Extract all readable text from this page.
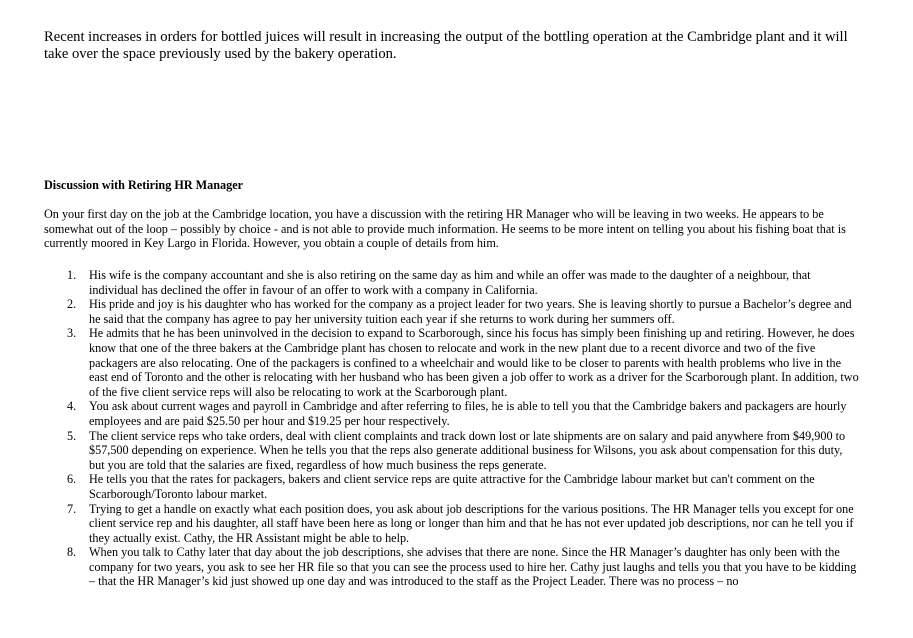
Recent increases in orders for bottled juices will result in increasing the output of the bottling operation at the Cambridge plant and it will take over the space previously used by the bakery operation.

Discussion with Retiring HR Manager

On your first day on the job at the Cambridge location, you have a discussion with the retiring HR Manager who will be leaving in two weeks. He appears to be somewhat out of the loop – possibly by choice - and is not able to provide much information. He seems to be more intent on telling you about his fishing boat that is currently moored in Key Largo in Florida. However, you obtain a couple of details from him.

1. His wife is the company accountant and she is also retiring on the same day as him and while an offer was made to the daughter of a neighbour, that individual has declined the offer in favour of an offer to work with a company in California.
2. His pride and joy is his daughter who has worked for the company as a project leader for two years. She is leaving shortly to pursue a Bachelor’s degree and he said that the company has agree to pay her university tuition each year if she returns to work during her summers off.
3. He admits that he has been uninvolved in the decision to expand to Scarborough, since his focus has simply been finishing up and retiring. However, he does know that one of the three bakers at the Cambridge plant has chosen to relocate and work in the new plant due to a recent divorce and two of the five packagers are also relocating. One of the packagers is confined to a wheelchair and would like to be closer to parents with health problems who live in the east end of Toronto and the other is relocating with her husband who has been given a job offer to work as a driver for the Scarborough plant. In addition, two of the five client service reps will also be relocating to work at the Scarborough plant.
4. You ask about current wages and payroll in Cambridge and after referring to files, he is able to tell you that the Cambridge bakers and packagers are hourly employees and are paid $25.50 per hour and $19.25 per hour respectively.
5. The client service reps who take orders, deal with client complaints and track down lost or late shipments are on salary and paid anywhere from $49,900 to $57,500 depending on experience. When he tells you that the reps also generate additional business for Wilsons, you ask about compensation for this duty, but you are told that the salaries are fixed, regardless of how much business the reps generate.
6. He tells you that the rates for packagers, bakers and client service reps are quite attractive for the Cambridge labour market but can't comment on the Scarborough/Toronto labour market.
7. Trying to get a handle on exactly what each position does, you ask about job descriptions for the various positions. The HR Manager tells you except for one client service rep and his daughter, all staff have been here as long or longer than him and that he has not ever updated job descriptions, nor can he tell you if they actually exist. Cathy, the HR Assistant might be able to help.
8. When you talk to Cathy later that day about the job descriptions, she advises that there are none. Since the HR Manager’s daughter has only been with the company for two years, you ask to see her HR file so that you can see the process used to hire her. Cathy just laughs and tells you that you have to be kidding – that the HR Manager’s kid just showed up one day and was introduced to the staff as the Project Leader. There was no process – no
